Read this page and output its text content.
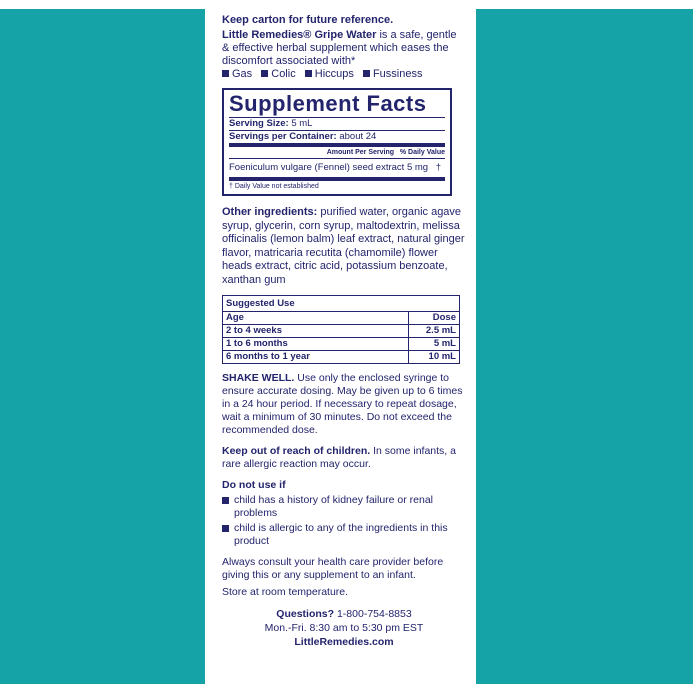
Keep carton for future reference.
Little Remedies® Gripe Water is a safe, gentle & effective herbal supplement which eases the discomfort associated with*
Gas Colic Hiccups Fussiness
Supplement Facts
Serving Size: 5 mL
Servings per Container: about 24
Amount Per Serving % Daily Value
Foeniculum vulgare (Fennel) seed extract 5 mg †
† Daily Value not established
Other ingredients: purified water, organic agave syrup, glycerin, corn syrup, maltodextrin, melissa officinalis (lemon balm) leaf extract, natural ginger flavor, matricaria recutita (chamomile) flower heads extract, citric acid, potassium benzoate, xanthan gum
Suggested Use	
Age	Dose
2 to 4 weeks	2.5 mL
1 to 6 months	5 mL
6 months to 1 year	10 mL
SHAKE WELL. Use only the enclosed syringe to ensure accurate dosing. May be given up to 6 times in a 24 hour period. If necessary to repeat dosage, wait a minimum of 30 minutes. Do not exceed the recommended dose.
Keep out of reach of children. In some infants, a rare allergic reaction may occur.
Do not use if
child has a history of kidney failure or renal problems
child is allergic to any of the ingredients in this product
Always consult your health care provider before giving this or any supplement to an infant.
Store at room temperature.
Questions? 1-800-754-8853
Mon.-Fri. 8:30 am to 5:30 pm EST
LittleRemedies.com
